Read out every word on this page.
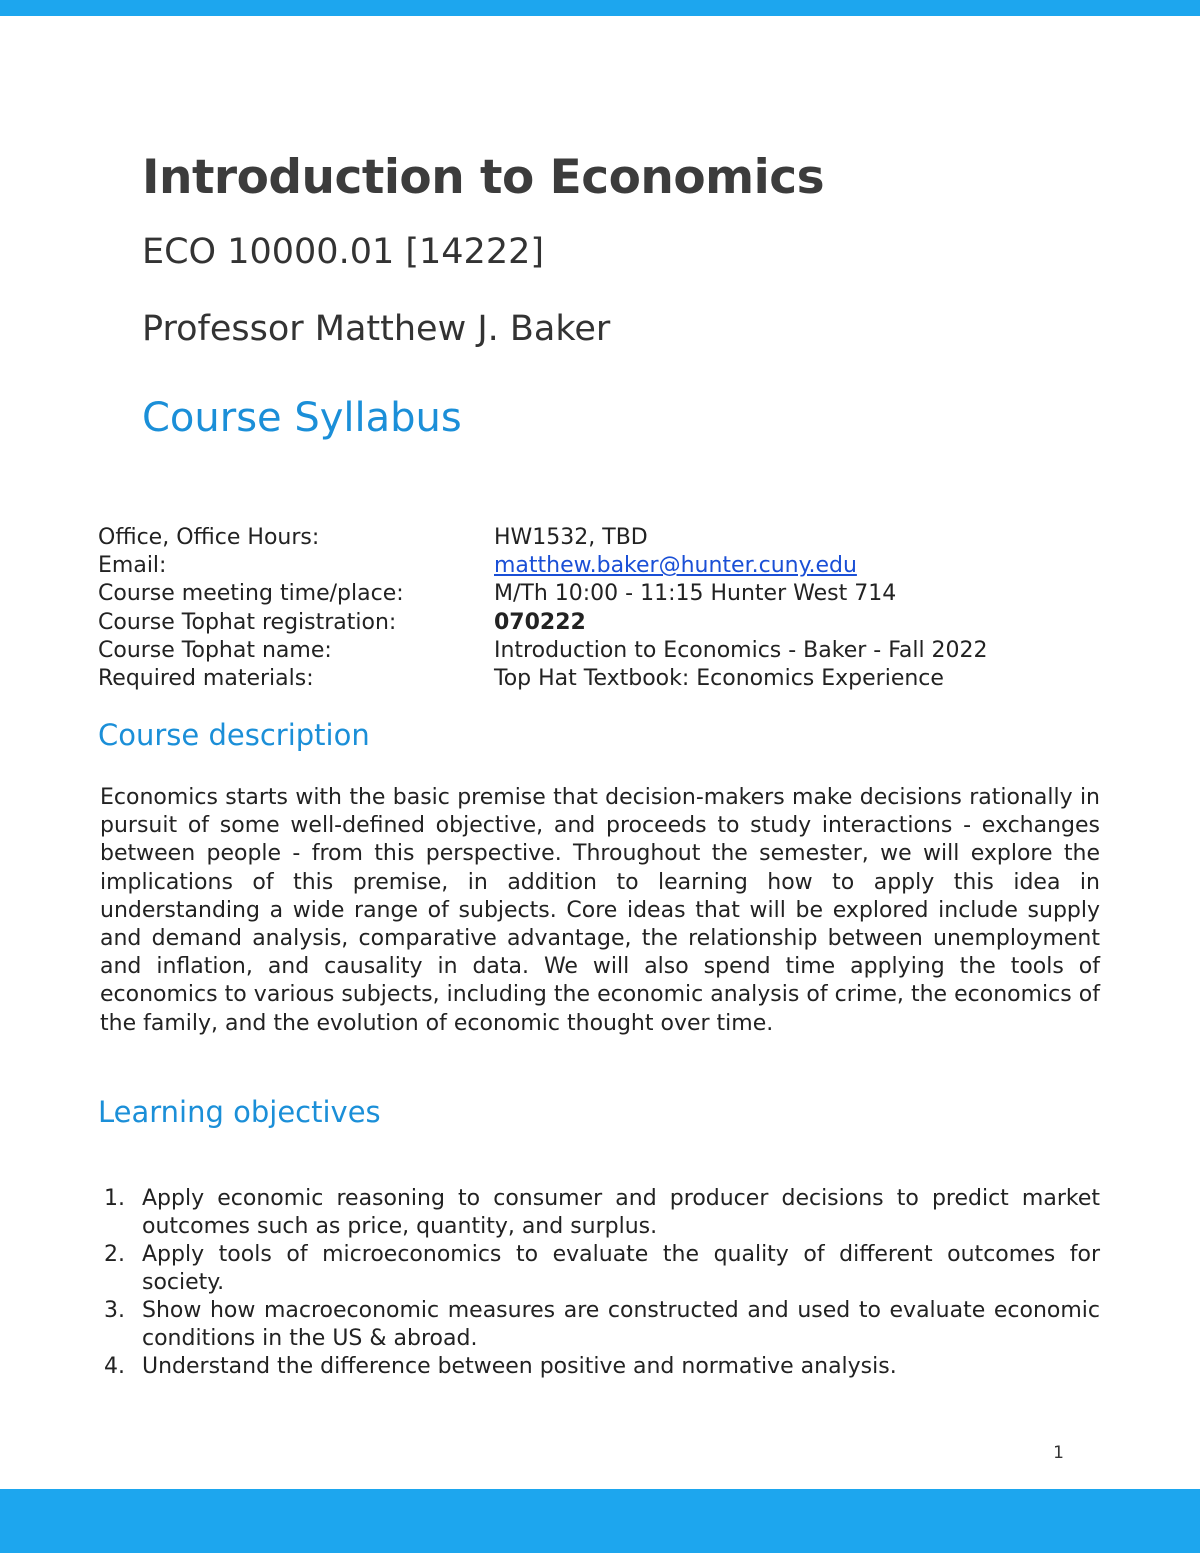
Introduction to Economics
ECO 10000.01 [14222]
Professor Matthew J. Baker
Course Syllabus
Office, Office Hours:	HW1532, TBD
Email:	matthew.baker@hunter.cuny.edu
Course meeting time/place:	M/Th 10:00 - 11:15 Hunter West 714
Course Tophat registration:	070222
Course Tophat name:	Introduction to Economics - Baker - Fall 2022
Required materials:	Top Hat Textbook: Economics Experience
Course description

Economics starts with the basic premise that decision-makers make decisions rationally in pursuit of some well-defined objective, and proceeds to study interactions - exchanges between people - from this perspective. Throughout the semester, we will explore the implications of this premise, in addition to learning how to apply this idea in understanding a wide range of subjects. Core ideas that will be explored include supply and demand analysis, comparative advantage, the relationship between unemployment and inflation, and causality in data. We will also spend time applying the tools of economics to various subjects, including the economic analysis of crime, the economics of the family, and the evolution of economic thought over time.

Learning objectives
1. Apply economic reasoning to consumer and producer decisions to predict market outcomes such as price, quantity, and surplus.
2. Apply tools of microeconomics to evaluate the quality of different outcomes for society.
3. Show how macroeconomic measures are constructed and used to evaluate economic conditions in the US & abroad.
4. Understand the difference between positive and normative analysis.
1
